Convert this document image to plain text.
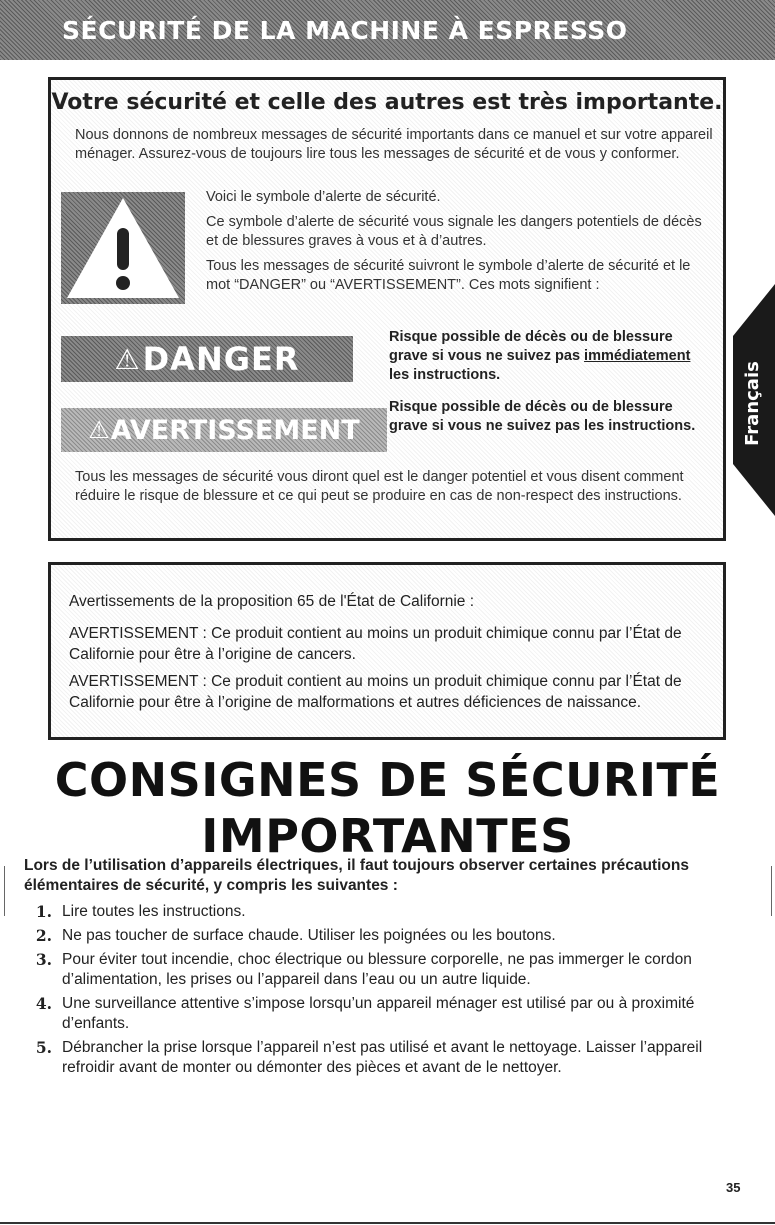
SÉCURITÉ DE LA MACHINE À ESPRESSO
Votre sécurité et celle des autres est très importante.
Nous donnons de nombreux messages de sécurité importants dans ce manuel et sur votre appareil ménager. Assurez-vous de toujours lire tous les messages de sécurité et de vous y conformer.

Voici le symbole d’alerte de sécurité.

Ce symbole d’alerte de sécurité vous signale les dangers potentiels de décès et de blessures graves à vous et à d’autres.

Tous les messages de sécurité suivront le symbole d’alerte de sécurité et le mot “DANGER” ou “AVERTISSEMENT”. Ces mots signifient :

⚠ DANGER
Risque possible de décès ou de blessure grave si vous ne suivez pas immédiatement les instructions.
⚠ AVERTISSEMENT
Risque possible de décès ou de blessure grave si vous ne suivez pas les instructions.
Tous les messages de sécurité vous diront quel est le danger potentiel et vous disent comment réduire le risque de blessure et ce qui peut se produire en cas de non-respect des instructions.

Avertissements de la proposition 65 de l'État de Californie :

AVERTISSEMENT : Ce produit contient au moins un produit chimique connu par l’État de Californie pour être à l’origine de cancers.

AVERTISSEMENT : Ce produit contient au moins un produit chimique connu par l’État de Californie pour être à l’origine de malformations et autres déficiences de naissance.

CONSIGNES DE SÉCURITÉ
IMPORTANTES
Lors de l’utilisation d’appareils électriques, il faut toujours observer certaines précautions élémentaires de sécurité, y compris les suivantes :
1. Lire toutes les instructions.
2. Ne pas toucher de surface chaude. Utiliser les poignées ou les boutons.
3. Pour éviter tout incendie, choc électrique ou blessure corporelle, ne pas immerger le cordon d’alimentation, les prises ou l’appareil dans l’eau ou un autre liquide.
4. Une surveillance attentive s’impose lorsqu’un appareil ménager est utilisé par ou à proximité d’enfants.
5. Débrancher la prise lorsque l’appareil n’est pas utilisé et avant le nettoyage. Laisser l’appareil refroidir avant de monter ou démonter des pièces et avant de le nettoyer.
Français
35
